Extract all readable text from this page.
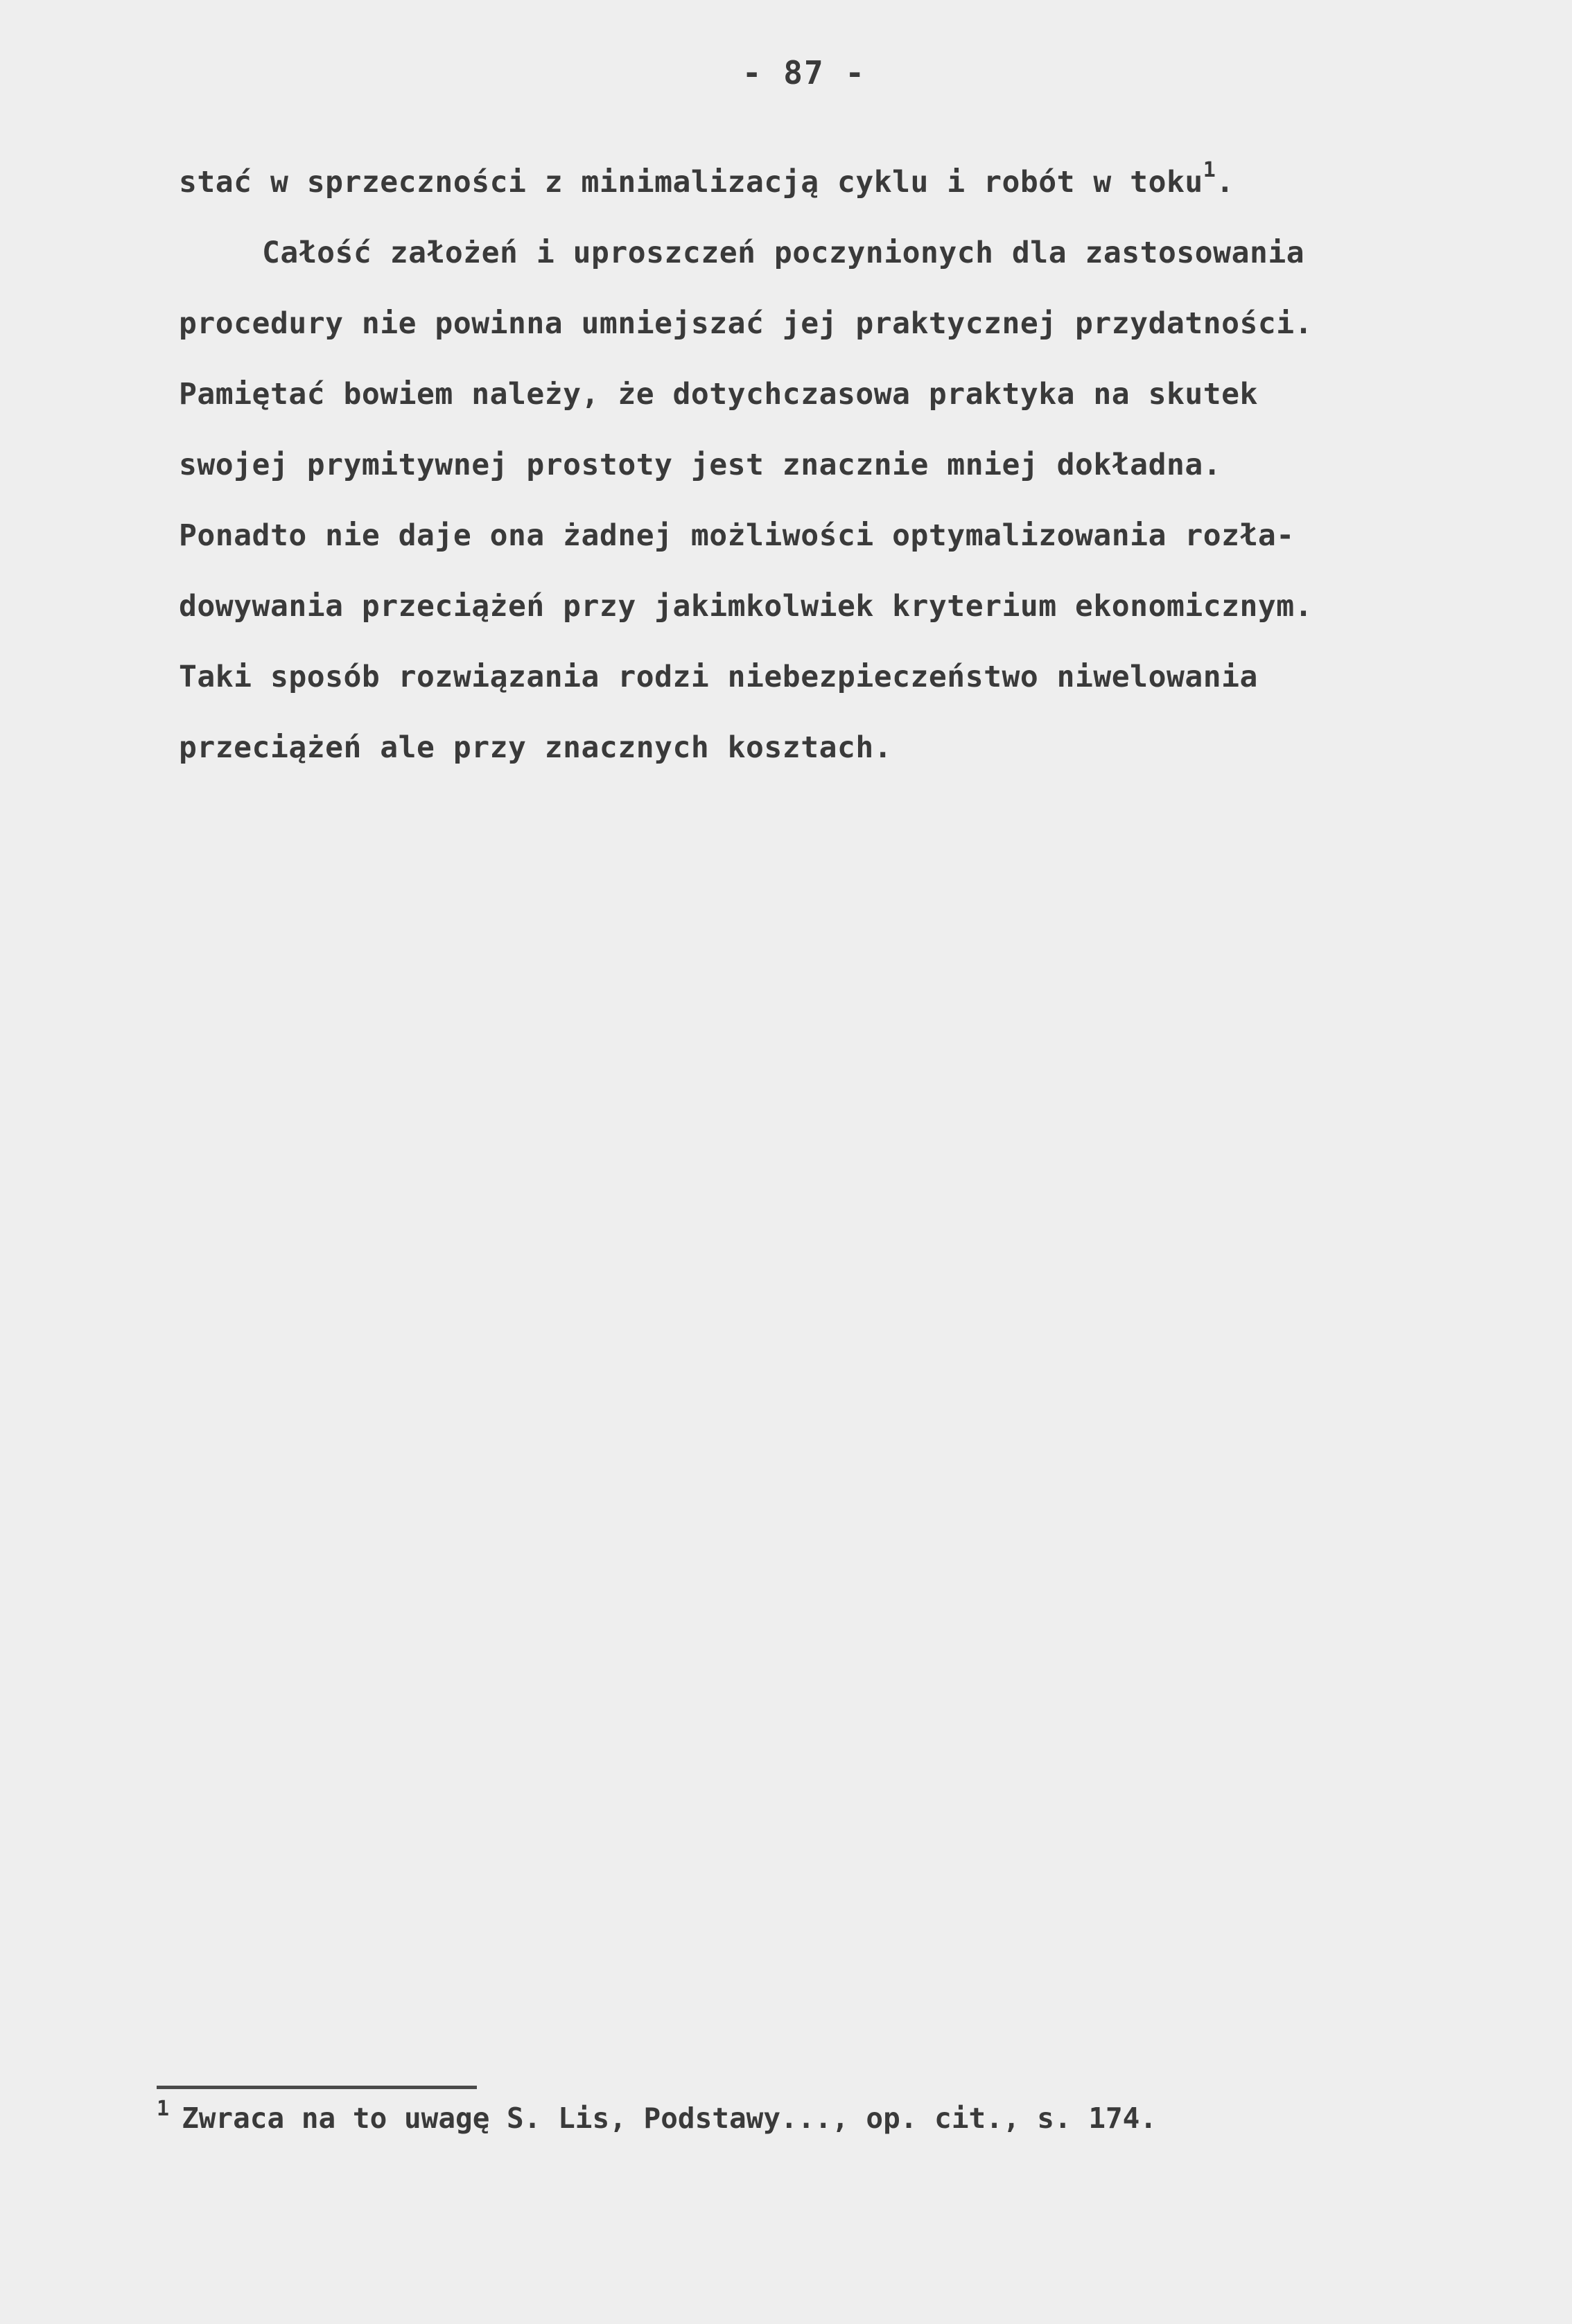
- 87 -
stać w sprzeczności z minimalizacją cyklu i robót w toku$^1$.
Całość założeń i uproszczeń poczynionych dla zastosowania
procedury nie powinna umniejszać jej praktycznej przydatności.
Pamiętać bowiem należy, że dotychczasowa praktyka na skutek
swojej prymitywnej prostoty jest znacznie mniej dokładna.
Ponadto nie daje ona żadnej możliwości optymalizowania rozła-
dowywania przeciążeń przy jakimkolwiek kryterium ekonomicznym.
Taki sposób rozwiązania rodzi niebezpieczeństwo niwelowania
przeciążeń ale przy znacznych kosztach.
$^1$ Zwraca na to uwagę S. Lis, Podstawy..., op. cit., s. 174.
